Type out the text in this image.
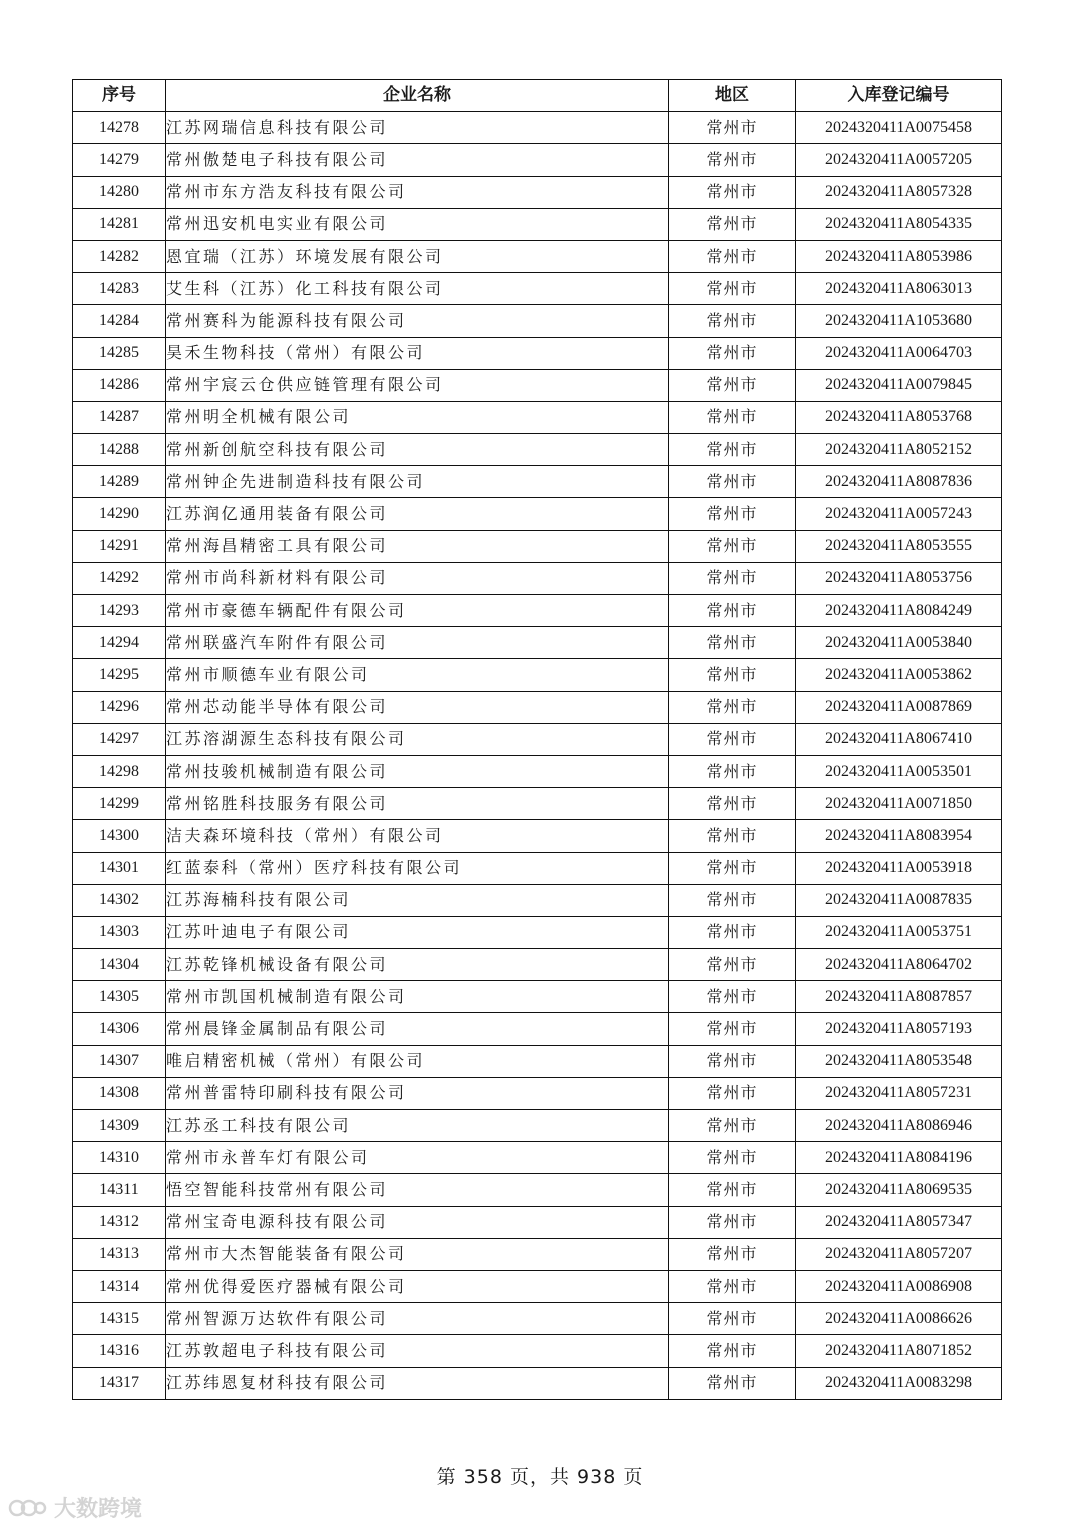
序号	企业名称	地区	入库登记编号
14278	江苏网瑞信息科技有限公司	常州市	2024320411A0075458
14279	常州傲楚电子科技有限公司	常州市	2024320411A0057205
14280	常州市东方浩友科技有限公司	常州市	2024320411A8057328
14281	常州迅安机电实业有限公司	常州市	2024320411A8054335
14282	恩宜瑞（江苏）环境发展有限公司	常州市	2024320411A8053986
14283	艾生科（江苏）化工科技有限公司	常州市	2024320411A8063013
14284	常州赛科为能源科技有限公司	常州市	2024320411A1053680
14285	昊禾生物科技（常州）有限公司	常州市	2024320411A0064703
14286	常州宇宸云仓供应链管理有限公司	常州市	2024320411A0079845
14287	常州明全机械有限公司	常州市	2024320411A8053768
14288	常州新创航空科技有限公司	常州市	2024320411A8052152
14289	常州钟企先进制造科技有限公司	常州市	2024320411A8087836
14290	江苏润亿通用装备有限公司	常州市	2024320411A0057243
14291	常州海昌精密工具有限公司	常州市	2024320411A8053555
14292	常州市尚科新材料有限公司	常州市	2024320411A8053756
14293	常州市豪德车辆配件有限公司	常州市	2024320411A8084249
14294	常州联盛汽车附件有限公司	常州市	2024320411A0053840
14295	常州市顺德车业有限公司	常州市	2024320411A0053862
14296	常州芯动能半导体有限公司	常州市	2024320411A0087869
14297	江苏溶湖源生态科技有限公司	常州市	2024320411A8067410
14298	常州技骏机械制造有限公司	常州市	2024320411A0053501
14299	常州铭胜科技服务有限公司	常州市	2024320411A0071850
14300	洁夫森环境科技（常州）有限公司	常州市	2024320411A8083954
14301	红蓝泰科（常州）医疗科技有限公司	常州市	2024320411A0053918
14302	江苏海楠科技有限公司	常州市	2024320411A0087835
14303	江苏叶迪电子有限公司	常州市	2024320411A0053751
14304	江苏乾锋机械设备有限公司	常州市	2024320411A8064702
14305	常州市凯国机械制造有限公司	常州市	2024320411A8087857
14306	常州晨锋金属制品有限公司	常州市	2024320411A8057193
14307	唯启精密机械（常州）有限公司	常州市	2024320411A8053548
14308	常州普雷特印刷科技有限公司	常州市	2024320411A8057231
14309	江苏丞工科技有限公司	常州市	2024320411A8086946
14310	常州市永普车灯有限公司	常州市	2024320411A8084196
14311	悟空智能科技常州有限公司	常州市	2024320411A8069535
14312	常州宝奇电源科技有限公司	常州市	2024320411A8057347
14313	常州市大杰智能装备有限公司	常州市	2024320411A8057207
14314	常州优得爱医疗器械有限公司	常州市	2024320411A0086908
14315	常州智源万达软件有限公司	常州市	2024320411A0086626
14316	江苏敦超电子科技有限公司	常州市	2024320411A8071852
14317	江苏纬恩复材科技有限公司	常州市	2024320411A0083298
第 358 页，共 938 页
大数跨境
